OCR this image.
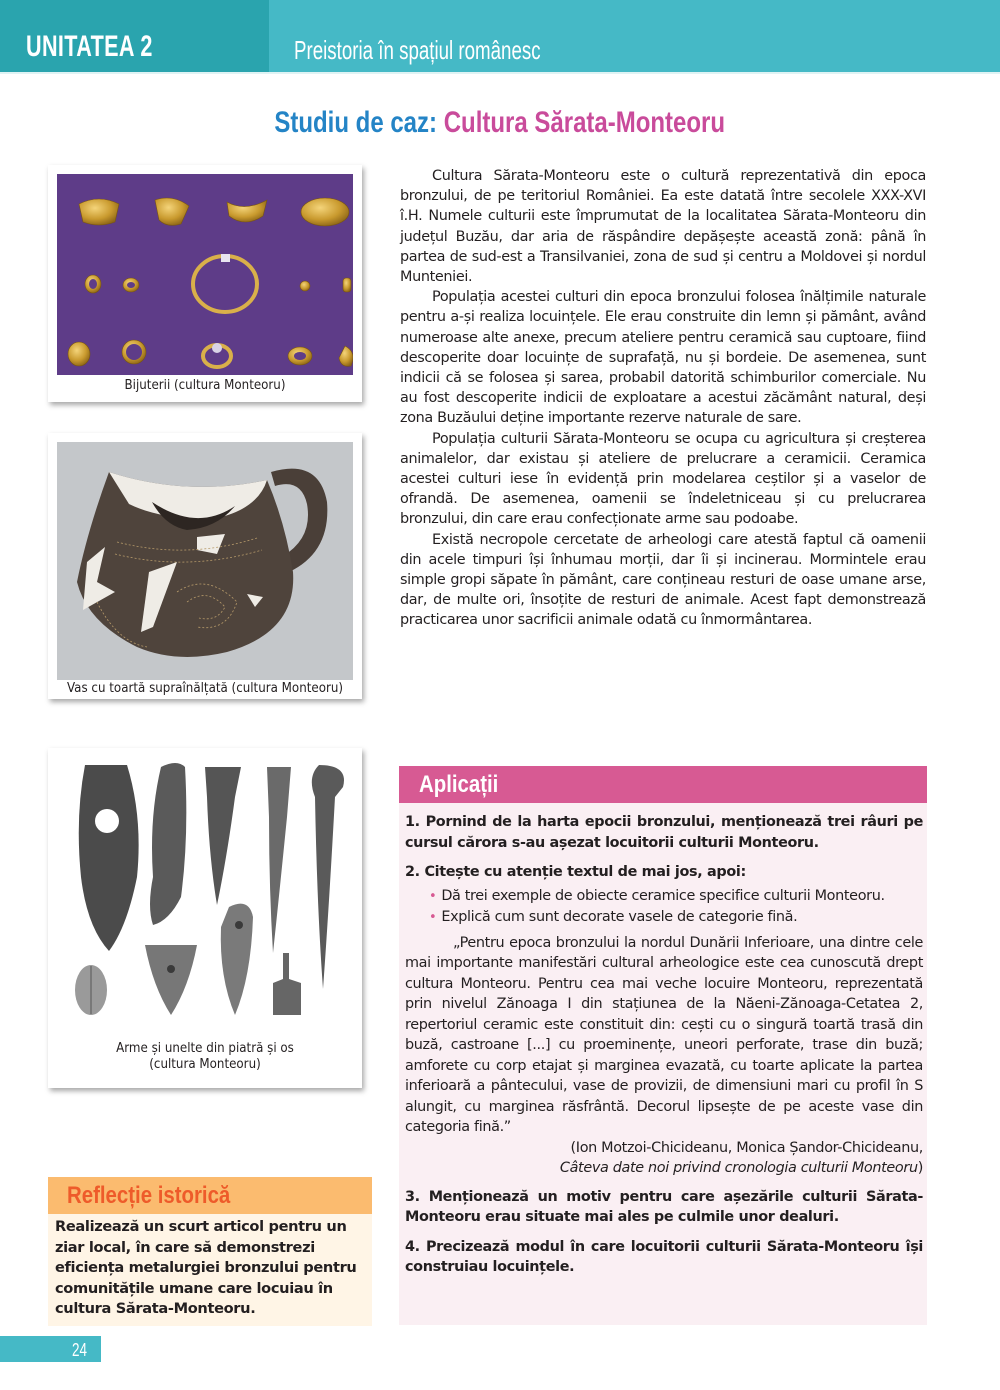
UNITATEA 2	Preistoria în spațiul românesc
Studiu de caz: Cultura Sărata-Monteoru
Bijuterii (cultura Monteoru)
Vas cu toartă supraînălțată (cultura Monteoru)
Arme și unelte din piatră și os
(cultura Monteoru)

Cultura Sărata-Monteoru este o cultură reprezentativă din epoca bronzului, de pe teritoriul României. Ea este datată între secolele XXX-XVI î.H. Numele culturii este împrumutat de la localitatea Sărata-Monteoru din județul Buzău, dar aria de răspândire depășește această zonă: până în partea de sud-est a Transilvaniei, zona de sud și centru a Moldovei și nordul Munteniei.

Populația acestei culturi din epoca bronzului folosea înălțimile naturale pentru a-și realiza locuințele. Ele erau construite din lemn și pământ, având numeroase alte anexe, precum ateliere pentru ceramică sau cuptoare, fiind descoperite doar locuințe de suprafață, nu și bordeie. De asemenea, sunt indicii că se folosea și sarea, probabil datorită schimburilor comerciale. Nu au fost descoperite indicii de exploatare a acestui zăcământ natural, deși zona Buzăului deține importante rezerve naturale de sare.

Populația culturii Sărata-Monteoru se ocupa cu agricultura și creșterea animalelor, dar existau și ateliere de prelucrare a ceramicii. Ceramica acestei culturi iese în evidență prin modelarea ceștilor și a vaselor de ofrandă. De asemenea, oamenii se îndeletniceau și cu prelucrarea bronzului, din care erau confecționate arme sau podoabe.

Există necropole cercetate de arheologi care atestă faptul că oamenii din acele timpuri își înhumau morții, dar îi și incinerau. Mormintele erau simple gropi săpate în pământ, care conțineau resturi de oase umane arse, dar, de multe ori, însoțite de resturi de animale. Acest fapt demonstrează practicarea unor sacrificii animale odată cu înmormântarea.

Aplicații
1. Pornind de la harta epocii bronzului, menționează trei râuri pe cursul cărora s-au așezat locuitorii culturii Monteoru.
2. Citește cu atenție textul de mai jos, apoi:
• Dă trei exemple de obiecte ceramice specifice culturii Monteoru.
• Explică cum sunt decorate vasele de categorie fină.

„Pentru epoca bronzului la nordul Dunării Inferioare, una dintre cele mai importante manifestări cultural arheologice este cea cunoscută drept cultura Monteoru. Pentru cea mai veche locuire Monteoru, reprezentată prin nivelul Zănoaga I din stațiunea de la Năeni-Zănoaga-Cetatea 2, repertoriul ceramic este constituit din: cești cu o singură toartă trasă din buză, castroane [...] cu proeminențe, uneori perforate, trase din buză; amforete cu corp etajat și marginea evazată, cu toarte aplicate la partea inferioară a pântecului, vase de provizii, de dimensiuni mari cu profil în S alungit, cu marginea răsfrântă. Decorul lipsește de pe aceste vase din categoria fină.”

(Ion Motzoi-Chicideanu, Monica Șandor-Chicideanu,
Câteva date noi privind cronologia culturii Monteoru)
3. Menționează un motiv pentru care așezările culturii Sărata-Monteoru erau situate mai ales pe culmile unor dealuri.
4. Precizează modul în care locuitorii culturii Sărata-Monteoru își construiau locuințele.
Reflecție istorică
Realizează un scurt articol pentru un ziar local, în care să demonstrezi eficiența metalurgiei bronzului pentru comunitățile umane care locuiau în cultura Sărata-Monteoru.
24
